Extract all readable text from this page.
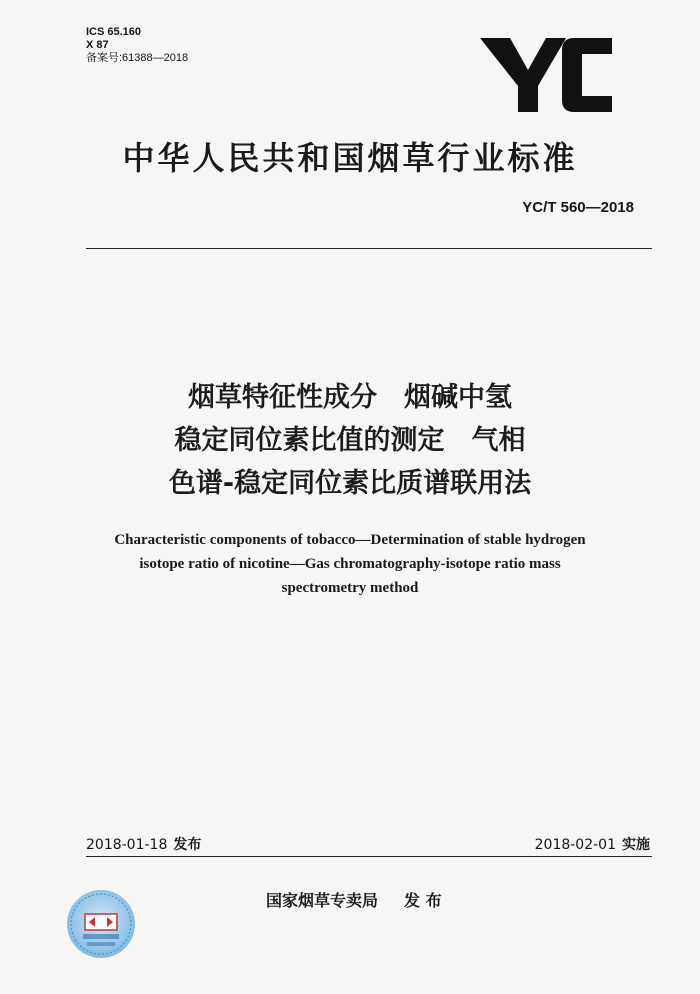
ICS 65.160
X 87
备案号:61388—2018
中华人民共和国烟草行业标准
YC/T 560—2018
烟草特征性成分　烟碱中氢
稳定同位素比值的测定　气相
色谱-稳定同位素比质谱联用法
Characteristic components of tobacco—Determination of stable hydrogen
isotope ratio of nicotine—Gas chromatography-isotope ratio mass
spectrometry method
2018-01-18 发布	2018-02-01 实施
国家烟草专卖局 发 布
